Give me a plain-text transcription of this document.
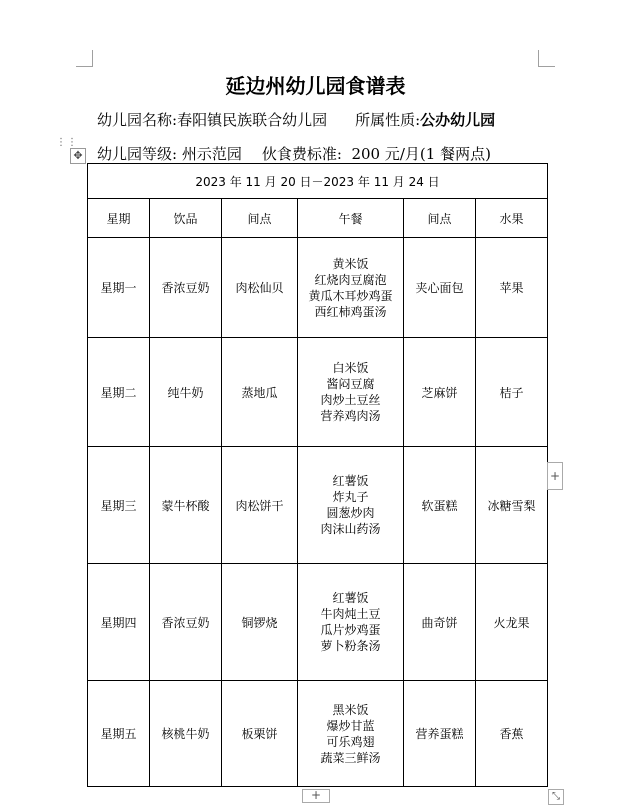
延边州幼儿园食谱表
幼儿园名称:春阳镇民族联合幼儿园 所属性质:公办幼儿园
幼儿园等级: 州示范园 伙食费标准: 200 元/月(1 餐两点)
⋮⋮
✥
2023 年 11 月 20 日－2023 年 11 月 24 日					
星期	饮品	间点	午餐	间点	水果
星期一	香浓豆奶	肉松仙贝	黄米饭
红烧肉豆腐泡
黄瓜木耳炒鸡蛋
西红柿鸡蛋汤	夹心面包	苹果
星期二	纯牛奶	蒸地瓜	白米饭
酱闷豆腐
肉炒土豆丝
营养鸡肉汤	芝麻饼	桔子
星期三	蒙牛杯酸	肉松饼干	红薯饭
炸丸子
圆葱炒肉
肉沫山药汤	软蛋糕	冰糖雪梨
星期四	香浓豆奶	铜锣烧	红薯饭
牛肉炖土豆
瓜片炒鸡蛋
萝卜粉条汤	曲奇饼	火龙果
星期五	核桃牛奶	板栗饼	黑米饭
爆炒甘蓝
可乐鸡翅
蔬菜三鲜汤	营养蛋糕	香蕉
+
+	⤡
